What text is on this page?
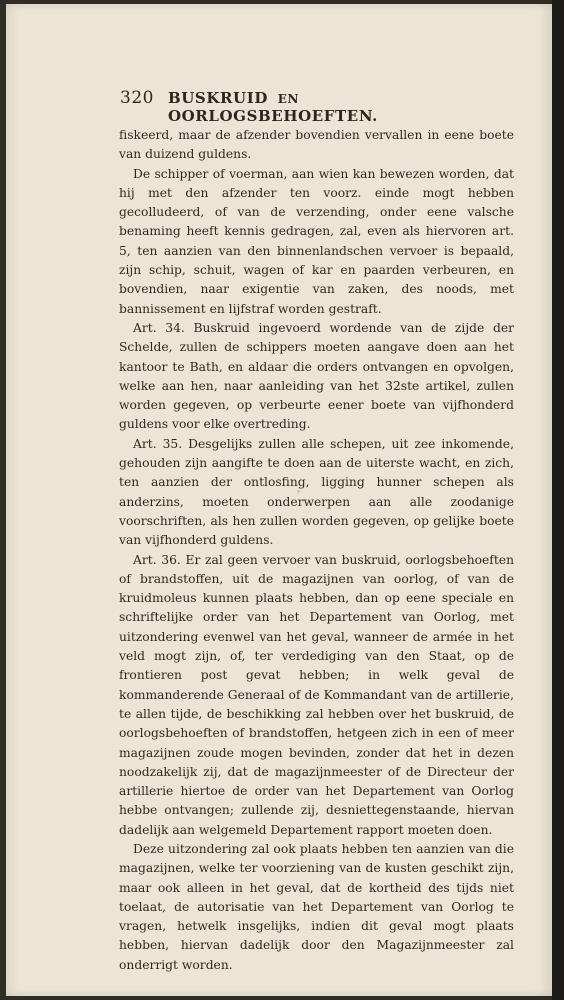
320 BUSKRUID EN OORLOGSBEHOEFTEN.

fiskeerd, maar de afzender bovendien vervallen in eene boete van duizend guldens.

De schipper of voerman, aan wien kan bewezen worden, dat hij met den afzender ten voorz. einde mogt hebben gecolludeerd, of van de verzending, onder eene valsche benaming heeft kennis gedragen, zal, even als hiervoren art. 5, ten aanzien van den binnenlandschen vervoer is bepaald, zijn schip, schuit, wagen of kar en paarden verbeuren, en bovendien, naar exigentie van zaken, des noods, met bannissement en lijfstraf worden gestraft.

Art. 34. Buskruid ingevoerd wordende van de zijde der Schelde, zullen de schippers moeten aangave doen aan het kantoor te Bath, en aldaar die orders ontvangen en opvolgen, welke aan hen, naar aanleiding van het 32ste artikel, zullen worden gegeven, op verbeurte eener boete van vijfhonderd guldens voor elke overtreding.

Art. 35. Desgelijks zullen alle schepen, uit zee inkomende, gehouden zijn aangifte te doen aan de uiterste wacht, en zich, ten aanzien der ontlosfing, ligging hunner schepen als anderzins, moeten onderwerpen aan alle zoodanige voorschriften, als hen zullen worden gegeven, op gelijke boete van vijfhonderd guldens.

Art. 36. Er zal geen vervoer van buskruid, oorlogsbehoeften of brandstoffen, uit de magazijnen van oorlog, of van de kruidmoleus kunnen plaats hebben, dan op eene speciale en schriftelijke order van het Departement van Oorlog, met uitzondering evenwel van het geval, wanneer de armée in het veld mogt zijn, of, ter verdediging van den Staat, op de frontieren post gevat hebben; in welk geval de kommanderende Generaal of de Kommandant van de artillerie, te allen tijde, de beschikking zal hebben over het buskruid, de oorlogsbehoeften of brandstoffen, hetgeen zich in een of meer magazijnen zoude mogen bevinden, zonder dat het in dezen noodzakelijk zij, dat de magazijnmeester of de Directeur der artillerie hiertoe de order van het Departement van Oorlog hebbe ontvangen; zullende zij, desniettegenstaande, hiervan dadelijk aan welgemeld Departement rapport moeten doen.

Deze uitzondering zal ook plaats hebben ten aanzien van die magazijnen, welke ter voorziening van de kusten geschikt zijn, maar ook alleen in het geval, dat de kortheid des tijds niet toelaat, de autorisatie van het Departement van Oorlog te vragen, hetwelk insgelijks, indien dit geval mogt plaats hebben, hiervan dadelijk door den Magazijnmeester zal onderrigt worden.
